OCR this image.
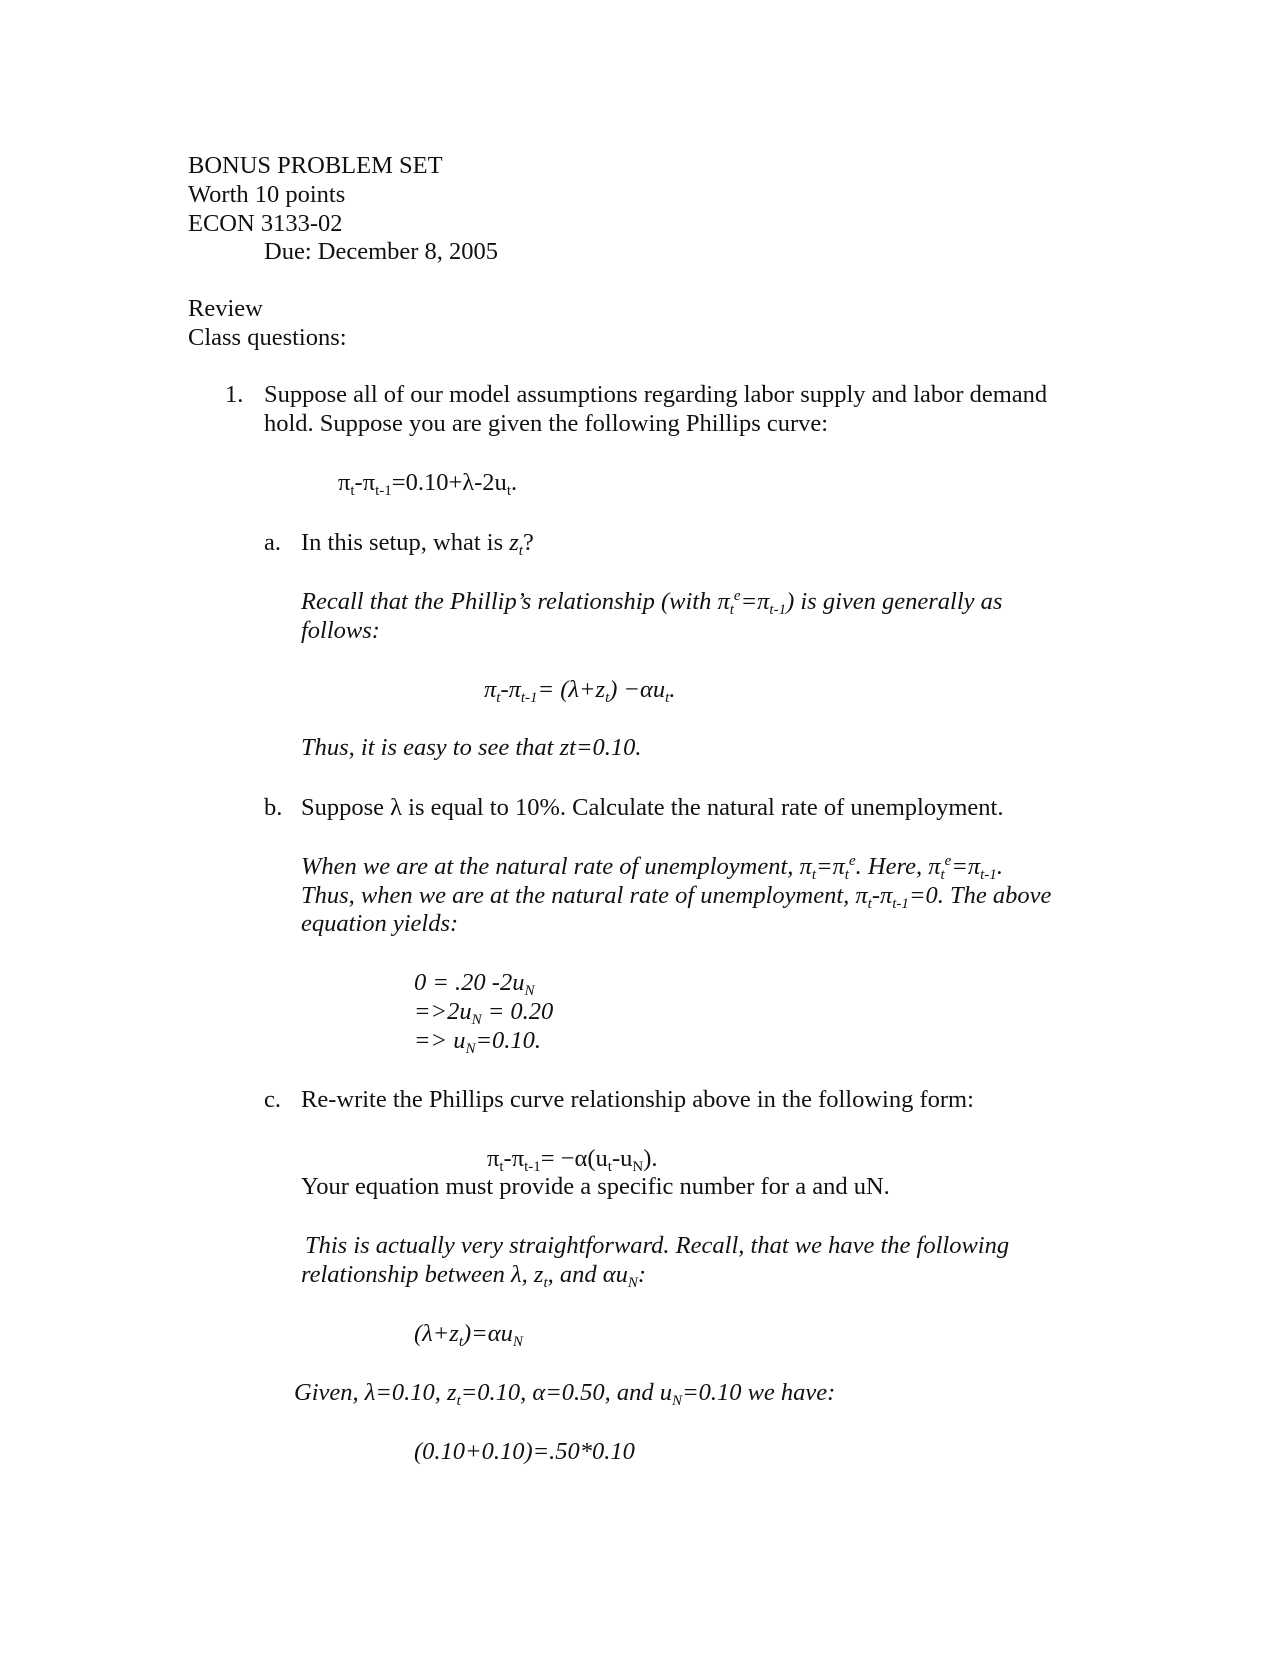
BONUS PROBLEM SET
Worth 10 points
ECON 3133-02
Due: December 8, 2005
Review
Class questions:
1. Suppose all of our model assumptions regarding labor supply and labor demand
hold. Suppose you are given the following Phillips curve:
$\pi_t-\pi_{t-1}=0.10+\lambda-2u_t$.
a. In this setup, what is $z_t$?
Recall that the Phillip’s relationship (with $\pi_t^e=\pi_{t-1}$) is given generally as
follows:
$\pi_t-\pi_{t-1}= (\lambda+z_t) -\alpha u_t$.
Thus, it is easy to see that zt=0.10.
b. Suppose λ is equal to 10%. Calculate the natural rate of unemployment.
When we are at the natural rate of unemployment, $\pi_t=\pi_t^e$. Here, $\pi_t^e=\pi_{t-1}$.
Thus, when we are at the natural rate of unemployment, $\pi_t-\pi_{t-1}=0$. The above
equation yields:
0 = .20 $-2u_N$
$=>2u_N = 0.20$
=> $u_N=0.10$.
c. Re-write the Phillips curve relationship above in the following form:
$\pi_t-\pi_{t-1}= -\alpha(u_t-u_N)$.
Your equation must provide a specific number for a and uN.
This is actually very straightforward. Recall, that we have the following
relationship between λ, $z_t$, and $\alpha u_N$:
$(\lambda+z_t)=\alpha u_N$
Given, λ=0.10, $z_t=0.10$, α=0.50, and $u_N=0.10$ we have:
(0.10+0.10)=.50*0.10
